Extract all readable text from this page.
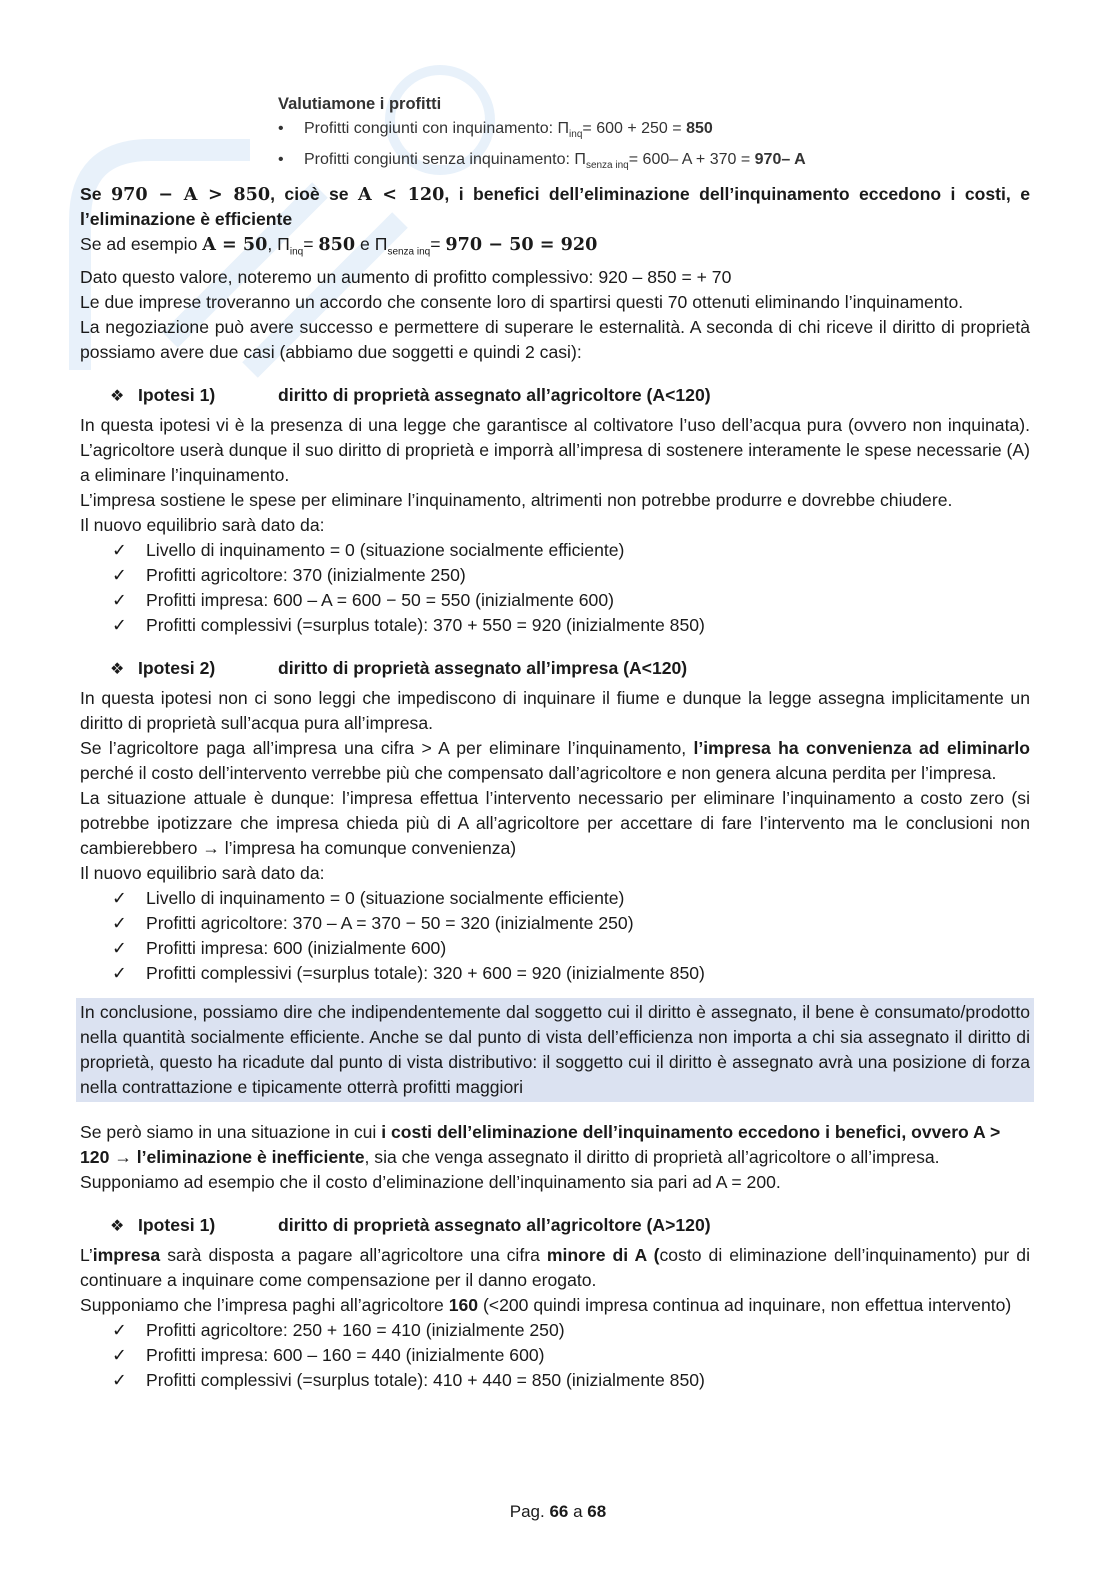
Valutiamone i profitti
• Profitti congiunti con inquinamento: $\Pi_{inq}= 600 + 250 = 850$
• Profitti congiunti senza inquinamento: $\Pi_{senza inq}= 600-$ A + 370 = 970– A

Se 970 − A > 850, cioè se A < 120, i benefici dell’eliminazione dell’inquinamento eccedono i costi, e l’eliminazione è efficiente

Se ad esempio A = 50, $\Pi_{inq}= 850$ e $\Pi_{senza inq}= 970 - 50 = 920$

Dato questo valore, noteremo un aumento di profitto complessivo: 920 – 850 = + 70

Le due imprese troveranno un accordo che consente loro di spartirsi questi 70 ottenuti eliminando l’inquinamento.

La negoziazione può avere successo e permettere di superare le esternalità. A seconda di chi riceve il diritto di proprietà possiamo avere due casi (abbiamo due soggetti e quindi 2 casi):

❖ Ipotesi 1)	diritto di proprietà assegnato all’agricoltore (A<120)

In questa ipotesi vi è la presenza di una legge che garantisce al coltivatore l’uso dell’acqua pura (ovvero non inquinata). L’agricoltore userà dunque il suo diritto di proprietà e imporrà all’impresa di sostenere interamente le spese necessarie (A) a eliminare l’inquinamento.

L’impresa sostiene le spese per eliminare l’inquinamento, altrimenti non potrebbe produrre e dovrebbe chiudere.

Il nuovo equilibrio sarà dato da:

✓	Livello di inquinamento = 0 (situazione socialmente efficiente)
✓	Profitti agricoltore: 370 (inizialmente 250)
✓	Profitti impresa: 600 – A = 600 − 50 = 550 (inizialmente 600)
✓	Profitti complessivi (=surplus totale): 370 + 550 = 920 (inizialmente 850)
❖ Ipotesi 2)	diritto di proprietà assegnato all’impresa (A<120)

In questa ipotesi non ci sono leggi che impediscono di inquinare il fiume e dunque la legge assegna implicitamente un diritto di proprietà sull’acqua pura all’impresa.

Se l’agricoltore paga all’impresa una cifra > A per eliminare l’inquinamento, l’impresa ha convenienza ad eliminarlo perché il costo dell’intervento verrebbe più che compensato dall’agricoltore e non genera alcuna perdita per l’impresa.

La situazione attuale è dunque: l’impresa effettua l’intervento necessario per eliminare l’inquinamento a costo zero (si potrebbe ipotizzare che impresa chieda più di A all’agricoltore per accettare di fare l’intervento ma le conclusioni non cambierebbero → l’impresa ha comunque convenienza)

Il nuovo equilibrio sarà dato da:

✓	Livello di inquinamento = 0 (situazione socialmente efficiente)
✓	Profitti agricoltore: 370 – A = 370 − 50 = 320 (inizialmente 250)
✓	Profitti impresa: 600 (inizialmente 600)
✓	Profitti complessivi (=surplus totale): 320 + 600 = 920 (inizialmente 850)

In conclusione, possiamo dire che indipendentemente dal soggetto cui il diritto è assegnato, il bene è consumato/prodotto nella quantità socialmente efficiente. Anche se dal punto di vista dell’efficienza non importa a chi sia assegnato il diritto di proprietà, questo ha ricadute dal punto di vista distributivo: il soggetto cui il diritto è assegnato avrà una posizione di forza nella contrattazione e tipicamente otterrà profitti maggiori

Se però siamo in una situazione in cui i costi dell’eliminazione dell’inquinamento eccedono i benefici, ovvero A > 120 → l’eliminazione è inefficiente, sia che venga assegnato il diritto di proprietà all’agricoltore o all’impresa.

Supponiamo ad esempio che il costo d’eliminazione dell’inquinamento sia pari ad A = 200.

❖ Ipotesi 1)	diritto di proprietà assegnato all’agricoltore (A>120)

L’impresa sarà disposta a pagare all’agricoltore una cifra minore di A (costo di eliminazione dell’inquinamento) pur di continuare a inquinare come compensazione per il danno erogato.

Supponiamo che l’impresa paghi all’agricoltore 160 (<200 quindi impresa continua ad inquinare, non effettua intervento)

✓	Profitti agricoltore: 250 + 160 = 410 (inizialmente 250)
✓	Profitti impresa: 600 – 160 = 440 (inizialmente 600)
✓	Profitti complessivi (=surplus totale): 410 + 440 = 850 (inizialmente 850)
Pag. 66 a 68
